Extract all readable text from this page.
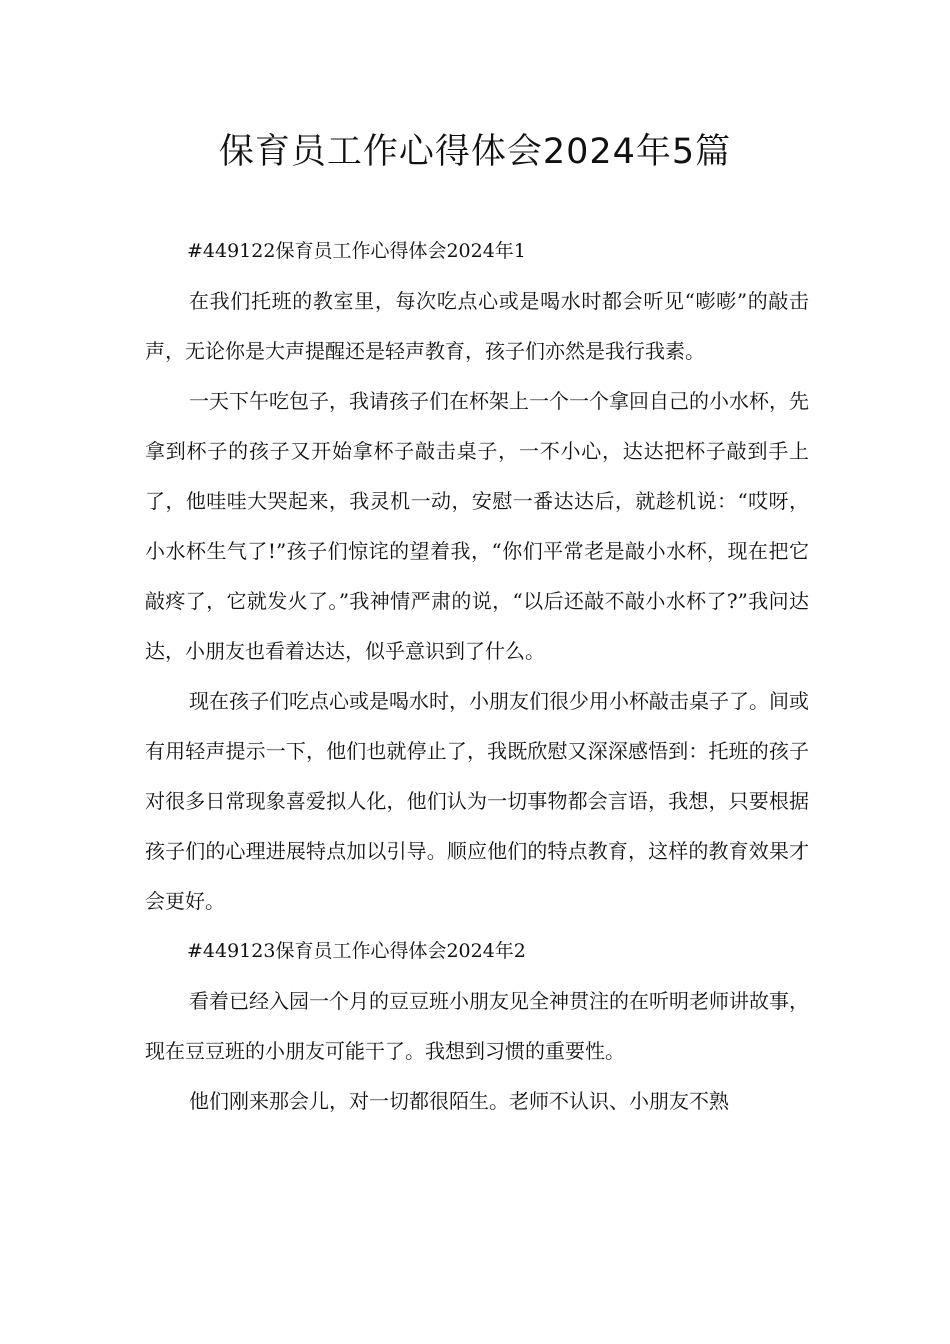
保育员工作心得体会2024年5篇

#449122保育员工作心得体会2024年1

在我们托班的教室里，每次吃点心或是喝水时都会听见“嘭嘭”的敲击声，无论你是大声提醒还是轻声教育，孩子们亦然是我行我素。

一天下午吃包子，我请孩子们在杯架上一个一个拿回自己的小水杯，先拿到杯子的孩子又开始拿杯子敲击桌子，一不小心，达达把杯子敲到手上了，他哇哇大哭起来，我灵机一动，安慰一番达达后，就趁机说：“哎呀，小水杯生气了!”孩子们惊诧的望着我，“你们平常老是敲小水杯，现在把它敲疼了，它就发火了。”我神情严肃的说，“以后还敲不敲小水杯了?”我问达达，小朋友也看着达达，似乎意识到了什么。

现在孩子们吃点心或是喝水时，小朋友们很少用小杯敲击桌子了。间或有用轻声提示一下，他们也就停止了，我既欣慰又深深感悟到：托班的孩子对很多日常现象喜爱拟人化，他们认为一切事物都会言语，我想，只要根据孩子们的心理进展特点加以引导。顺应他们的特点教育，这样的教育效果才会更好。

#449123保育员工作心得体会2024年2

看着已经入园一个月的豆豆班小朋友见全神贯注的在听明老师讲故事，现在豆豆班的小朋友可能干了。我想到习惯的重要性。

他们刚来那会儿，对一切都很陌生。老师不认识、小朋友不熟
